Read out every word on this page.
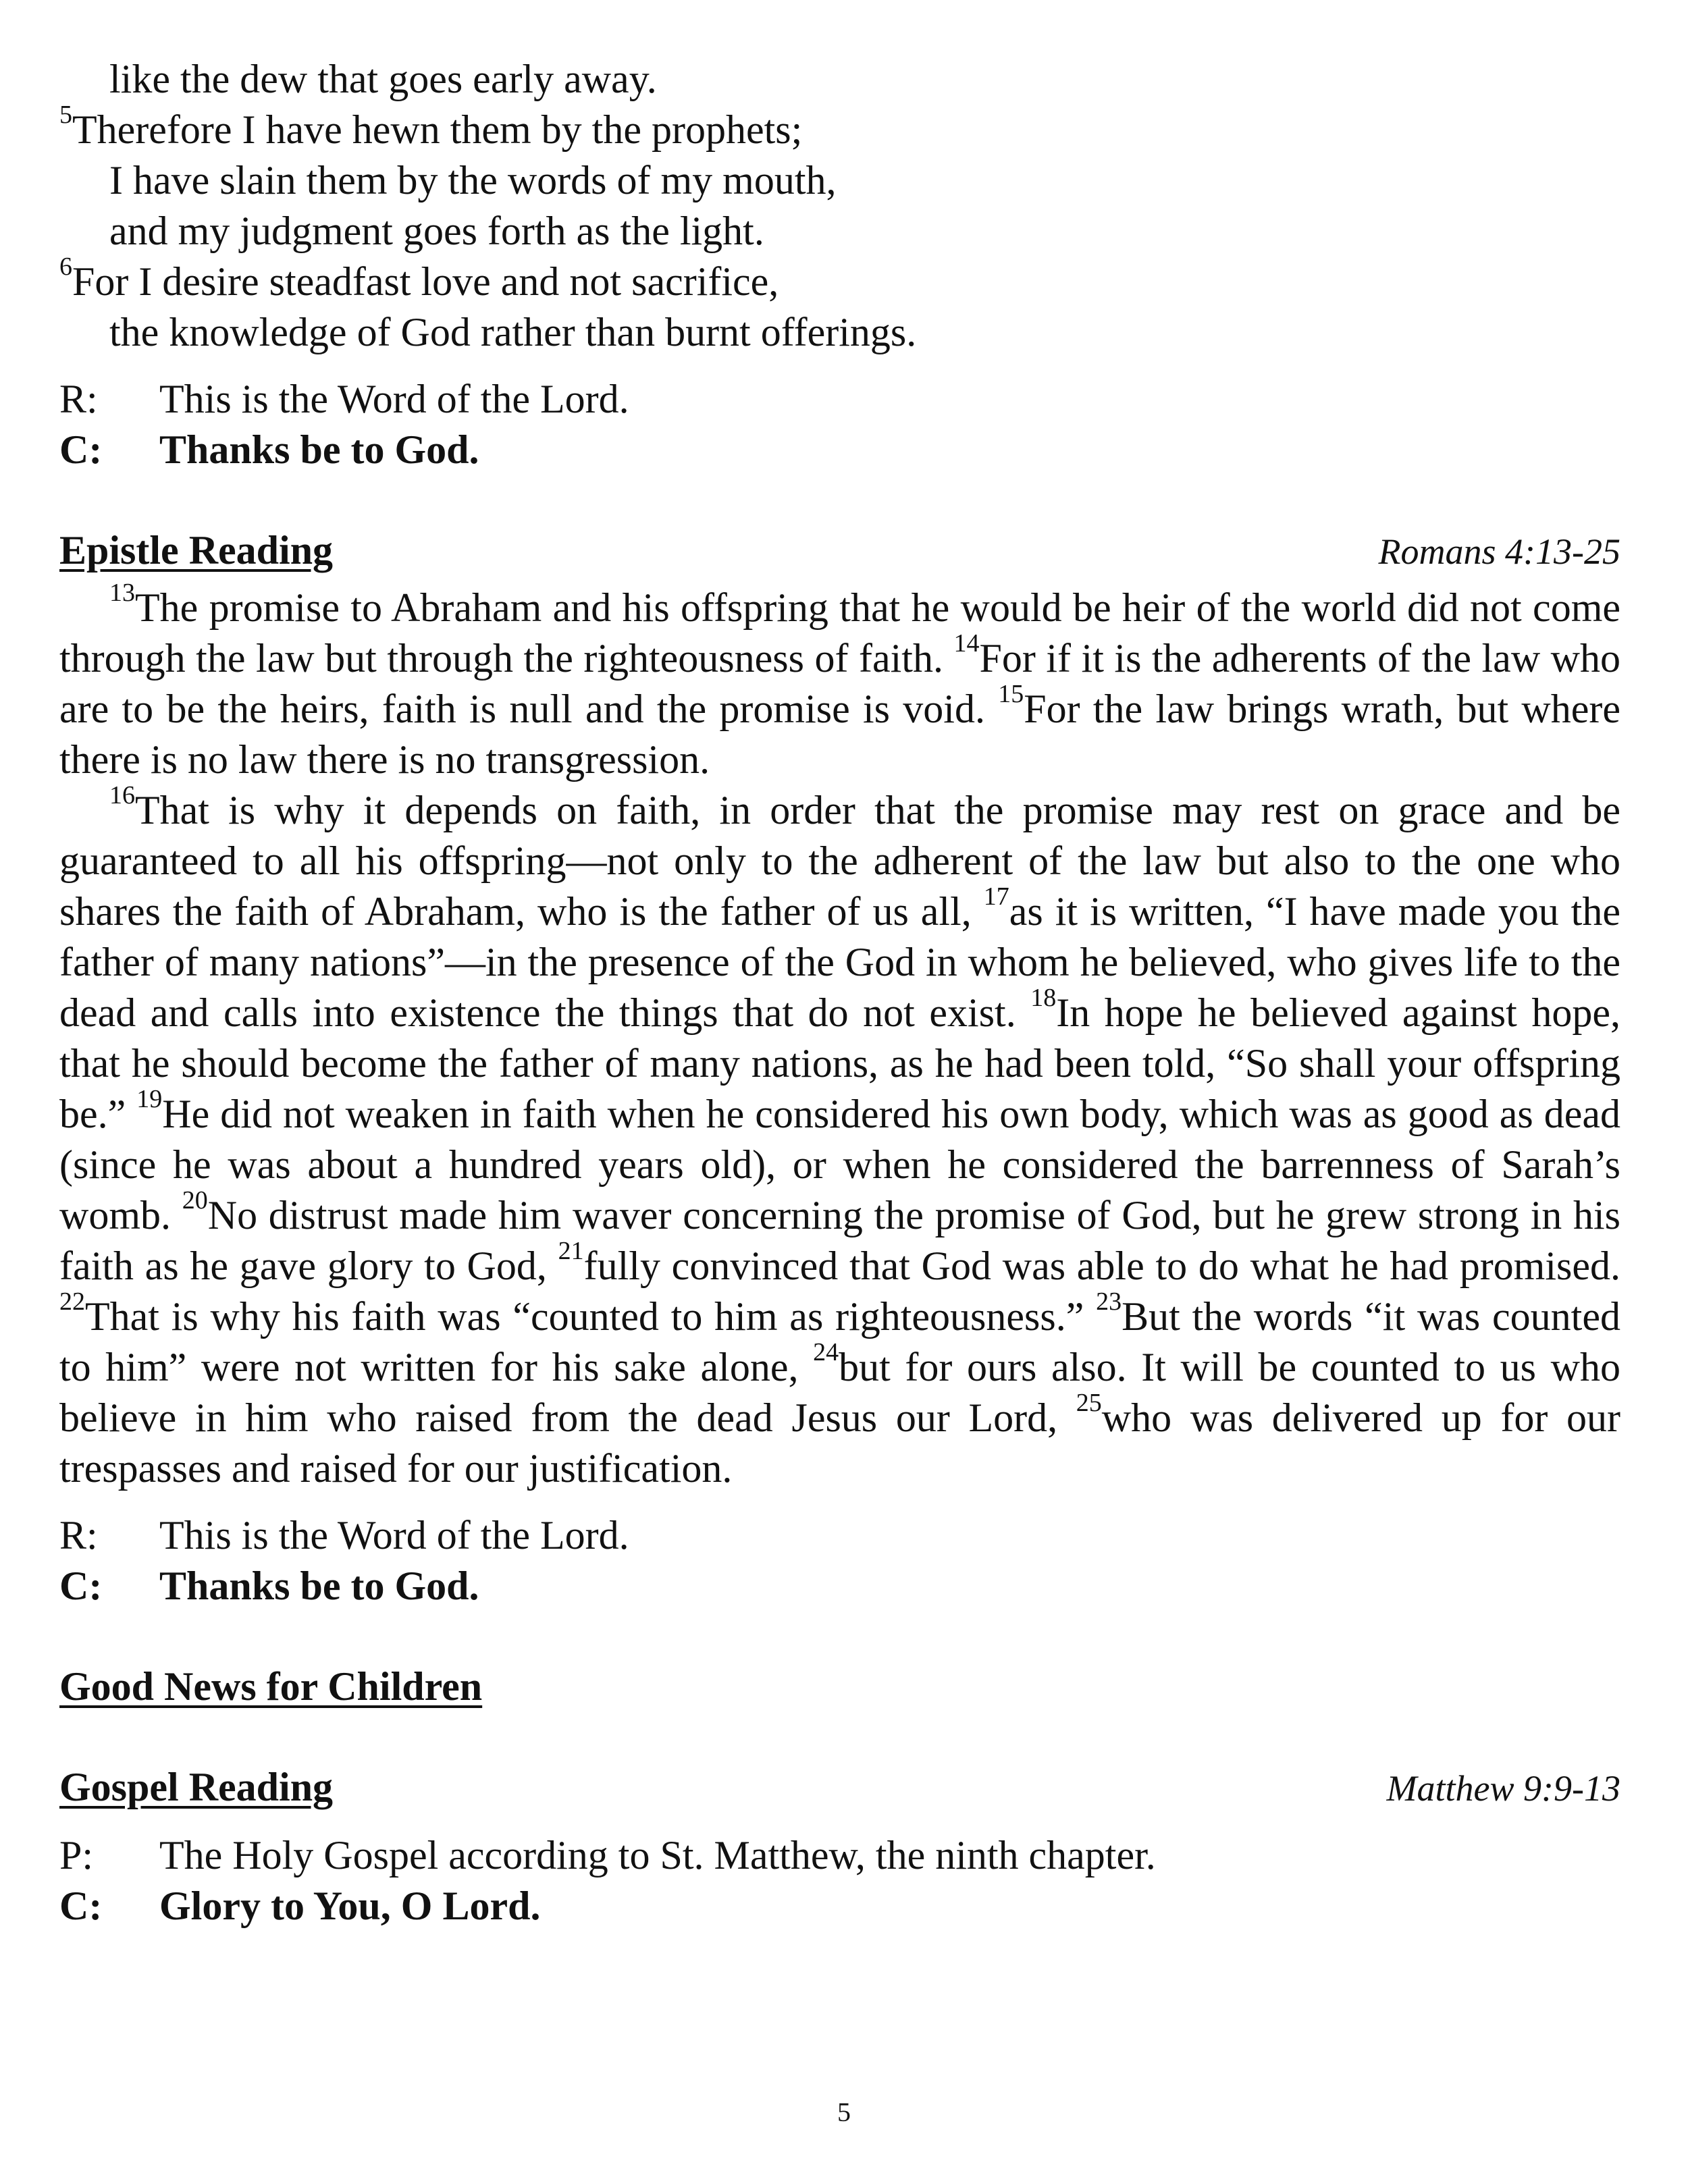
like the dew that goes early away.
$^5$Therefore I have hewn them by the prophets;
I have slain them by the words of my mouth,
and my judgment goes forth as the light.
$^6$For I desire steadfast love and not sacrifice,
the knowledge of God rather than burnt offerings.
R:	This is the Word of the Lord.
C:	Thanks be to God.
Epistle Reading	Romans 4:13-25

$^{13}$The promise to Abraham and his offspring that he would be heir of the world did not come through the law but through the righteousness of faith. $^{14}$For if it is the adherents of the law who are to be the heirs, faith is null and the promise is void. $^{15}$For the law brings wrath, but where there is no law there is no transgression.

$^{16}$That is why it depends on faith, in order that the promise may rest on grace and be guaranteed to all his offspring—not only to the adherent of the law but also to the one who shares the faith of Abraham, who is the father of us all, $^{17}$as it is written, “I have made you the father of many nations”—in the presence of the God in whom he believed, who gives life to the dead and calls into existence the things that do not exist. $^{18}$In hope he believed against hope, that he should become the father of many nations, as he had been told, “So shall your offspring be.” $^{19}$He did not weaken in faith when he considered his own body, which was as good as dead (since he was about a hundred years old), or when he considered the barrenness of Sarah’s womb. $^{20}$No distrust made him waver concerning the promise of God, but he grew strong in his faith as he gave glory to God, $^{21}$fully convinced that God was able to do what he had promised. $^{22}$That is why his faith was “counted to him as righteousness.” $^{23}$But the words “it was counted to him” were not written for his sake alone, $^{24}$but for ours also. It will be counted to us who believe in him who raised from the dead Jesus our Lord, $^{25}$who was delivered up for our trespasses and raised for our justification.

R:	This is the Word of the Lord.
C:	Thanks be to God.
Good News for Children
Gospel Reading	Matthew 9:9-13
P:	The Holy Gospel according to St. Matthew, the ninth chapter.
C:	Glory to You, O Lord.
5
